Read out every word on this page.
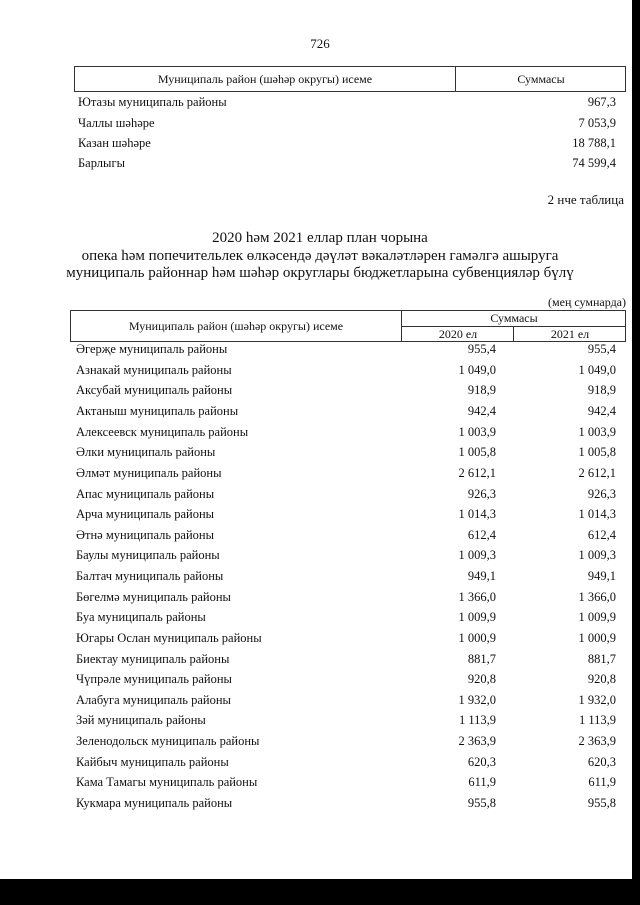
726
Муниципаль район (шәһәр округы) исеме	Суммасы
Ютазы муниципаль районы	967,3
Чаллы шәһәре	7 053,9
Казан шәһәре	18 788,1
Барлыгы	74 599,4
2 нче таблица
2020 һәм 2021 еллар план чорына
опека һәм попечительлек өлкәсендә дәүләт вәкаләтләрен гамәлгә ашыруга
муниципаль районнар һәм шәһәр округлары бюджетларына субвенцияләр бүлү
(мең сумнарда)
Муниципаль район (шәһәр округы) исеме
Суммасы
2020 ел	2021 ел
Әгерҗе муниципаль районы	955,4	955,4
Азнакай муниципаль районы	1 049,0	1 049,0
Аксубай муниципаль районы	918,9	918,9
Актаныш муниципаль районы	942,4	942,4
Алексеевск муниципаль районы	1 003,9	1 003,9
Әлки муниципаль районы	1 005,8	1 005,8
Әлмәт муниципаль районы	2 612,1	2 612,1
Апас муниципаль районы	926,3	926,3
Арча муниципаль районы	1 014,3	1 014,3
Әтнә муниципаль районы	612,4	612,4
Баулы муниципаль районы	1 009,3	1 009,3
Балтач муниципаль районы	949,1	949,1
Бөгелмә муниципаль районы	1 366,0	1 366,0
Буа муниципаль районы	1 009,9	1 009,9
Югары Ослан муниципаль районы	1 000,9	1 000,9
Биектау муниципаль районы	881,7	881,7
Чүпрәле муниципаль районы	920,8	920,8
Алабуга муниципаль районы	1 932,0	1 932,0
Зәй муниципаль районы	1 113,9	1 113,9
Зеленодольск муниципаль районы	2 363,9	2 363,9
Кайбыч муниципаль районы	620,3	620,3
Кама Тамагы муниципаль районы	611,9	611,9
Кукмара муниципаль районы	955,8	955,8
